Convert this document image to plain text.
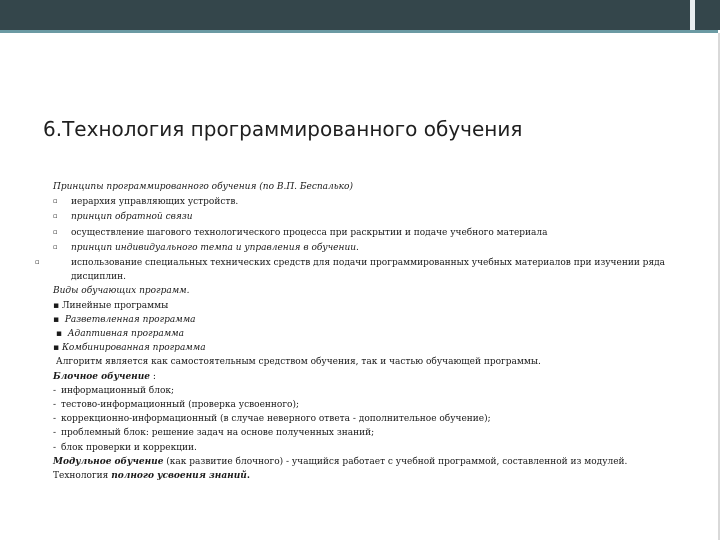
6.Технология программированного обучения
Принципы программированного обучения (по В.П. Беспалько)
▫ иерархия управляющих устройств.
▫ принцип обратной связи
▫ осуществление шагового технологического процесса при раскрытии и подаче учебного материала
▫ принцип индивидуального темпа и управления в обучении.
▫	использование специальных технических средств для подачи программированных учебных материалов при изучении ряда дисциплин.
Виды обучающих программ.
▪ Линейные программы
▪  Разветвленная программа
▪  Адаптивная программа
▪ Комбинированная программа
Алгоритм является как самостоятельным средством обучения, так и частью обучающей программы.
Блочное обучение :
- информационный блок;
- тестово-информационный (проверка усвоенного);
- коррекционно-информационный (в случае неверного ответа - дополнительное обучение);
- проблемный блок: решение задач на основе полученных знаний;
- блок проверки и коррекции.
Модульное обучение (как развитие блочного) - учащийся работает с учебной программой, составленной из модулей.
Технология полного усвоения знаний.
